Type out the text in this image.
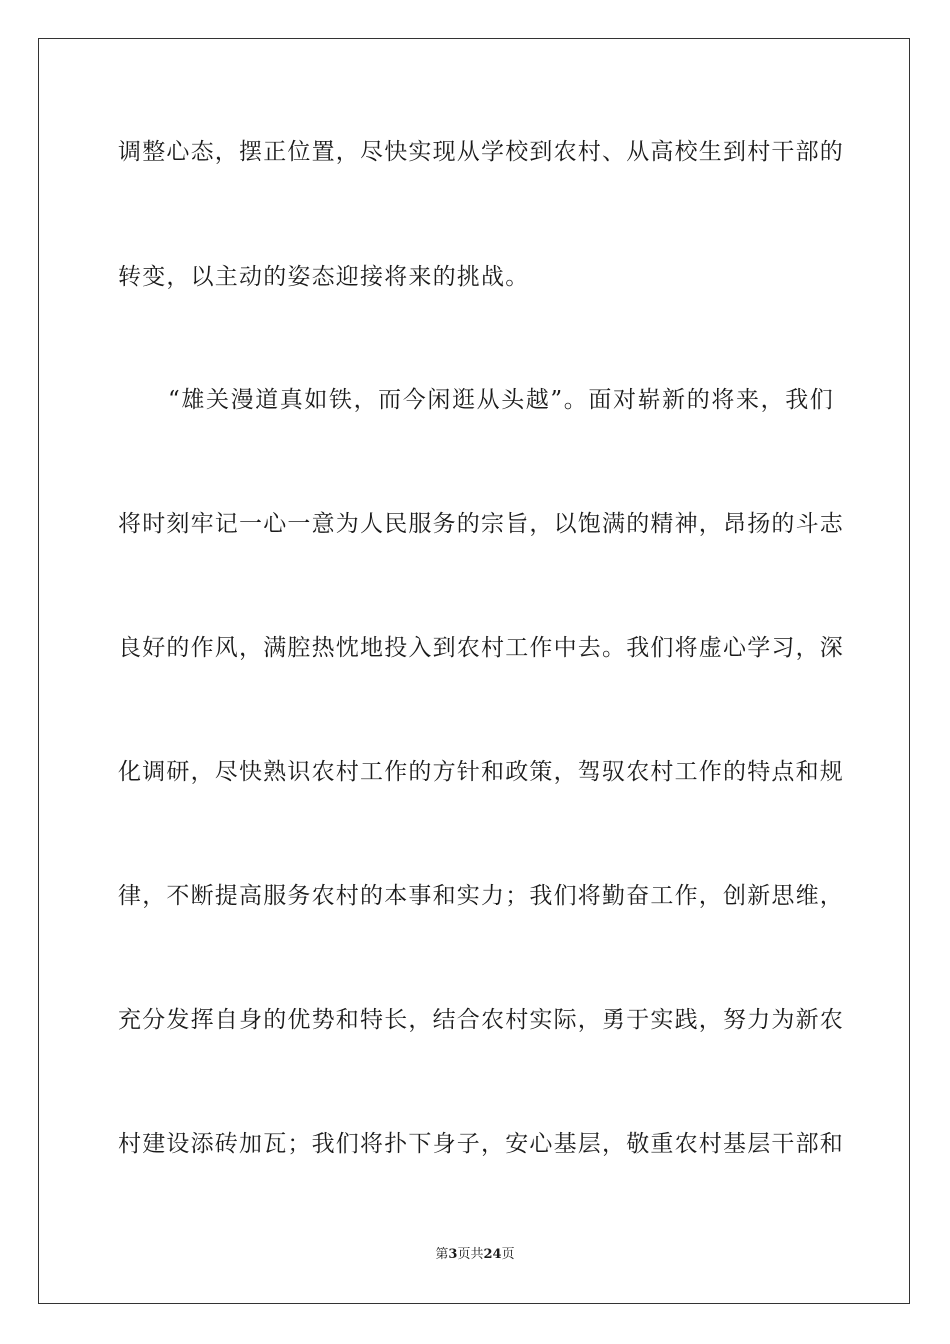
调整心态，摆正位置，尽快实现从学校到农村、从高校生到村干部的
转变，以主动的姿态迎接将来的挑战。
“雄关漫道真如铁，而今闲逛从头越”。面对崭新的将来，我们
将时刻牢记一心一意为人民服务的宗旨，以饱满的精神，昂扬的斗志
良好的作风，满腔热忱地投入到农村工作中去。我们将虚心学习，深
化调研，尽快熟识农村工作的方针和政策，驾驭农村工作的特点和规
律，不断提高服务农村的本事和实力；我们将勤奋工作，创新思维，
充分发挥自身的优势和特长，结合农村实际，勇于实践，努力为新农
村建设添砖加瓦；我们将扑下身子，安心基层，敬重农村基层干部和
第3页共24页
